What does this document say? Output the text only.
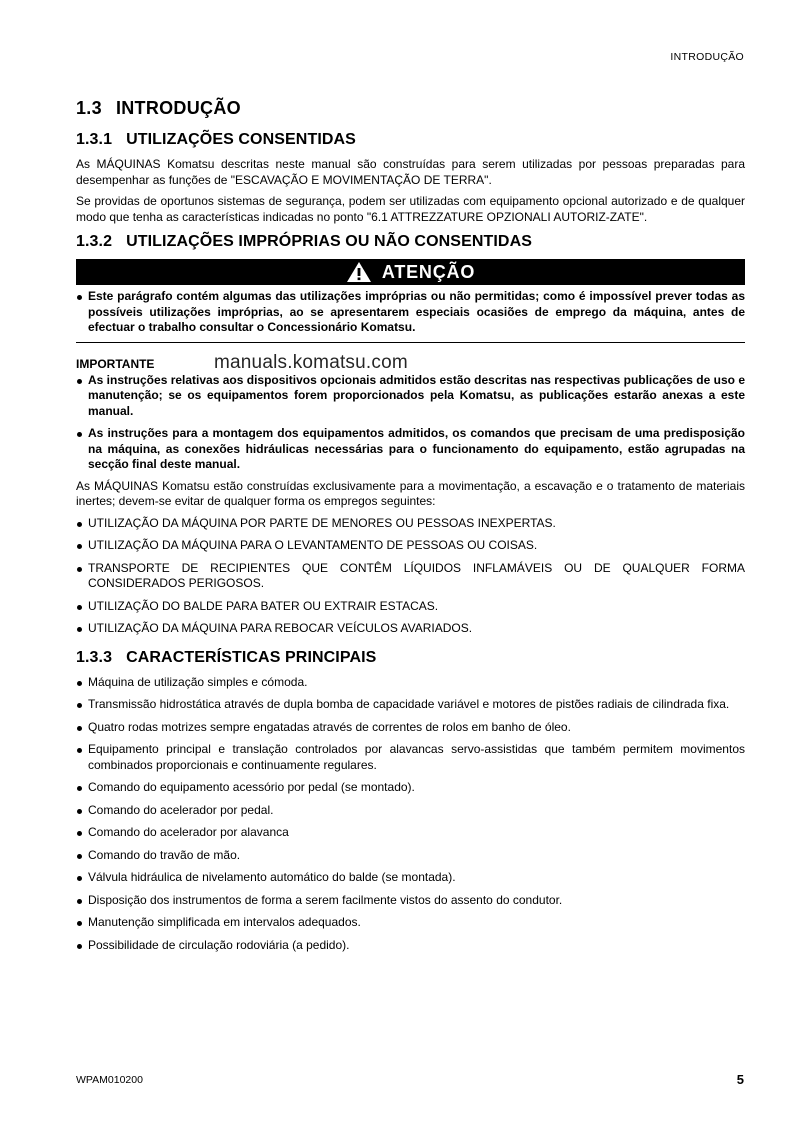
INTRODUÇÃO
1.3 INTRODUÇÃO
1.3.1 UTILIZAÇÕES CONSENTIDAS

As MÁQUINAS Komatsu descritas neste manual são construídas para serem utilizadas por pessoas preparadas para desempenhar as funções de "ESCAVAÇÃO E MOVIMENTAÇÃO DE TERRA".

Se providas de oportunos sistemas de segurança, podem ser utilizadas com equipamento opcional autorizado e de qualquer modo que tenha as características indicadas no ponto "6.1 ATTREZZATURE OPZIONALI AUTORIZ-ZATE".

1.3.2 UTILIZAÇÕES IMPRÓPRIAS OU NÃO CONSENTIDAS
ATENÇÃO
Este parágrafo contém algumas das utilizações impróprias ou não permitidas; como é impossível prever todas as possíveis utilizações impróprias, ao se apresentarem especiais ocasiões de emprego da máquina, antes de efectuar o trabalho consultar o Concessionário Komatsu.
IMPORTANTE
As instruções relativas aos dispositivos opcionais admitidos estão descritas nas respectivas publicações de uso e manutenção; se os equipamentos forem proporcionados pela Komatsu, as publicações estarão anexas a este manual.
As instruções para a montagem dos equipamentos admitidos, os comandos que precisam de uma predisposição na máquina, as conexões hidráulicas necessárias para o funcionamento do equipamento, estão agrupadas na secção final deste manual.

As MÁQUINAS Komatsu estão construídas exclusivamente para a movimentação, a escavação e o tratamento de materiais inertes; devem-se evitar de qualquer forma os empregos seguintes:

UTILIZAÇÃO DA MÁQUINA POR PARTE DE MENORES OU PESSOAS INEXPERTAS.
UTILIZAÇÃO DA MÁQUINA PARA O LEVANTAMENTO DE PESSOAS OU COISAS.
TRANSPORTE DE RECIPIENTES QUE CONTÊM LÍQUIDOS INFLAMÁVEIS OU DE QUALQUER FORMA CONSIDERADOS PERIGOSOS.
UTILIZAÇÃO DO BALDE PARA BATER OU EXTRAIR ESTACAS.
UTILIZAÇÃO DA MÁQUINA PARA REBOCAR VEÍCULOS AVARIADOS.
1.3.3 CARACTERÍSTICAS PRINCIPAIS
Máquina de utilização simples e cómoda.
Transmissão hidrostática através de dupla bomba de capacidade variável e motores de pistões radiais de cilindrada fixa.
Quatro rodas motrizes sempre engatadas através de correntes de rolos em banho de óleo.
Equipamento principal e translação controlados por alavancas servo-assistidas que também permitem movimentos combinados proporcionais e continuamente regulares.
Comando do equipamento acessório por pedal (se montado).
Comando do acelerador por pedal.
Comando do acelerador por alavanca
Comando do travão de mão.
Válvula hidráulica de nivelamento automático do balde (se montada).
Disposição dos instrumentos de forma a serem facilmente vistos do assento do condutor.
Manutenção simplificada em intervalos adequados.
Possibilidade de circulação rodoviária (a pedido).
manuals.komatsu.com
WPAM010200	5
